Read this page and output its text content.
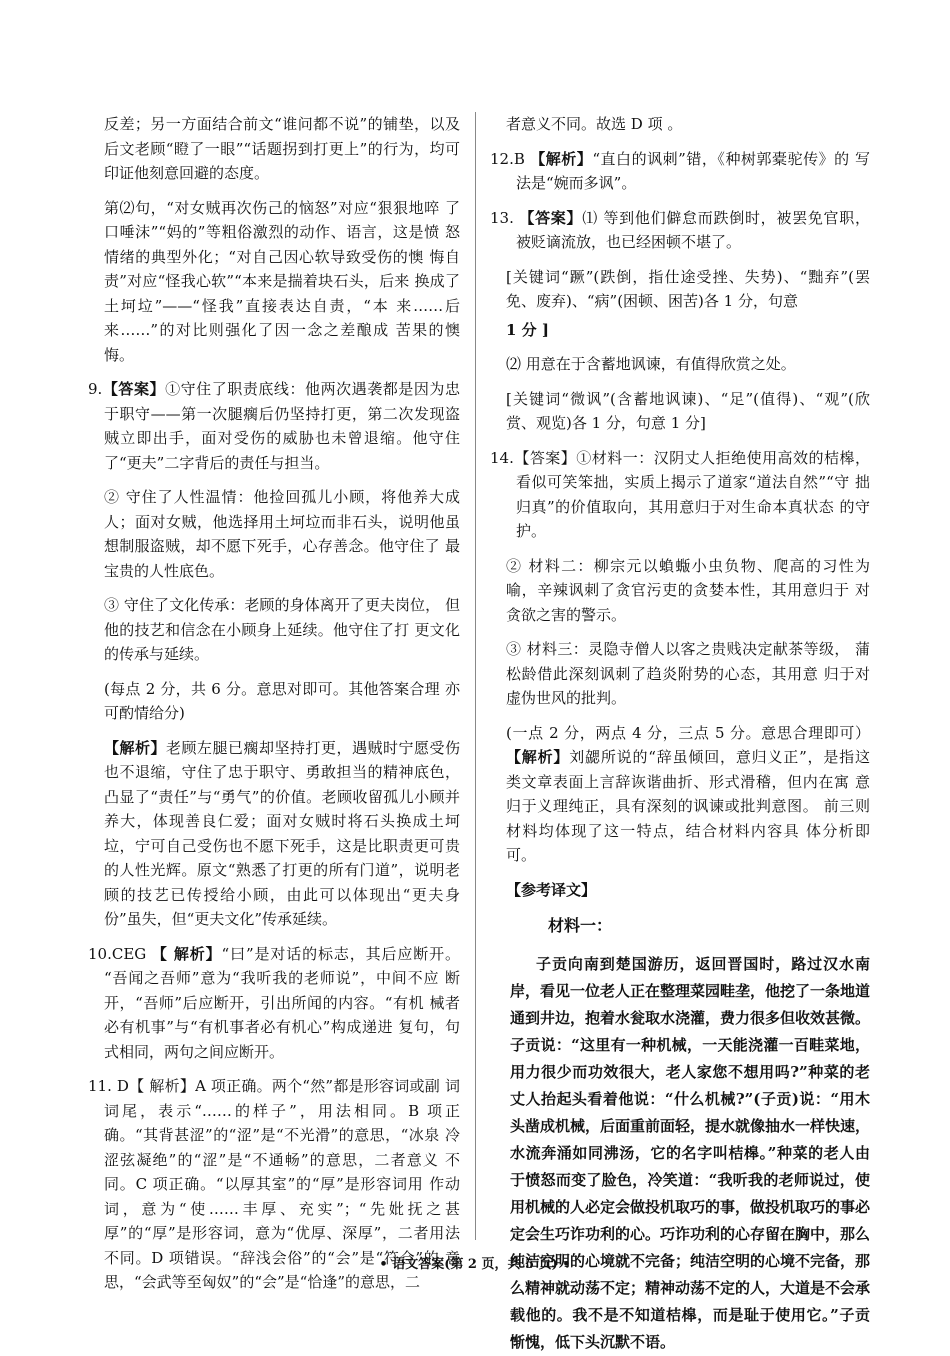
反差；另一方面结合前文“谁问都不说”的铺垫，以及后文老顾“瞪了一眼”“话题拐到打更上”的行为，均可印证他刻意回避的态度。

第⑵句，“对女贼再次伤己的恼怒”对应“狠狠地啐 了口唾沫”“妈的”等粗俗激烈的动作、语言，这是愤 怒情绪的典型外化；“对自己因心软导致受伤的懊 悔自责”对应“怪我心软”“本来是揣着块石头，后来 换成了土坷垃”——“怪我”直接表达自责，“本 来……后来……”的对比则强化了因一念之差酿成 苦果的懊悔。

9.【答案】①守住了职责底线：他两次遇袭都是因为忠于职守——第一次腿瘸后仍坚持打更，第二次发现盗贼立即出手，面对受伤的威胁也未曾退缩。他守住了“更夫”二字背后的责任与担当。

② 守住了人性温情：他捡回孤儿小顾，将他养大成 人；面对女贼，他选择用土坷垃而非石头，说明他虽 想制服盗贼，却不愿下死手，心存善念。他守住了 最宝贵的人性底色。

③ 守住了文化传承：老顾的身体离开了更夫岗位， 但他的技艺和信念在小顾身上延续。他守住了打 更文化的传承与延续。

(每点 2 分，共 6 分。意思对即可。其他答案合理 亦可酌情给分)

【解析】老顾左腿已瘸却坚持打更，遇贼时宁愿受伤也不退缩，守住了忠于职守、勇敢担当的精神底色，凸显了“责任”与“勇气”的价值。老顾收留孤儿小顾并养大，体现善良仁爱；面对女贼时将石头换成土坷垃，宁可自己受伤也不愿下死手，这是比职责更可贵的人性光辉。原文“熟悉了打更的所有门道”，说明老顾的技艺已传授给小顾，由此可以体现出“更夫身份”虽失，但“更夫文化”传承延续。

10.CEG 【 解析】“曰”是对话的标志，其后应断开。 “吾闻之吾师”意为“我听我的老师说”，中间不应 断开，“吾师”后应断开，引出所闻的内容。“有机 械者必有机事”与“有机事者必有机心”构成递进 复句，句式相同，两句之间应断开。

11. D【 解析】A 项正确。两个“然”都是形容词或副 词词尾，表示“……的样子”，用法相同。B 项正 确。“其背甚涩”的“涩”是“不光滑”的意思，“冰泉 冷涩弦凝绝”的“涩”是“不通畅”的意思，二者意义 不同。C 项正确。“以厚其室”的“厚”是形容词用 作动词，意为“使……丰厚、充实”；“先妣抚之甚 厚”的“厚”是形容词，意为“优厚、深厚”，二者用法 不同。D 项错误。“辞浅会俗”的“会”是“符合”的 意思，“会武等至匈奴”的“会”是“恰逢”的意思，二

者意义不同。故选 D 项 。

12.B 【解析】“直白的讽刺”错，《种树郭橐驼传》的 写法是“婉而多讽”。

13. 【答案】⑴ 等到他们僻怠而跌倒时，被罢免官职， 被贬谪流放，也已经困顿不堪了。

[关键词“蹶”(跌倒，指仕途受挫、失势)、“黜弃”(罢免、废弃)、“病”(困顿、困苦)各 1 分，句意

1 分 ]

⑵ 用意在于含蓄地讽谏，有值得欣赏之处。

[关键词“微讽”(含蓄地讽谏)、“足”(值得)、“观”(欣赏、观览)各 1 分，句意 1 分]

14.【答案】①材料一：汉阴丈人拒绝使用高效的桔槔， 看似可笑笨拙，实质上揭示了道家“道法自然”“守 拙归真”的价值取向，其用意归于对生命本真状态 的守护。

② 材料二：柳宗元以蝜蝂小虫负物、爬高的习性为 喻，辛辣讽刺了贪官污吏的贪婪本性，其用意归于 对贪欲之害的警示。

③ 材料三：灵隐寺僧人以客之贵贱决定献茶等级， 蒲松龄借此深刻讽刺了趋炎附势的心态，其用意 归于对虚伪世风的批判。

(一点 2 分，两点 4 分，三点 5 分。意思合理即可） 【解析】刘勰所说的“辞虽倾回，意归义正”，是指这 类文章表面上言辞诙谐曲折、形式滑稽，但内在寓 意归于义理纯正，具有深刻的讽谏或批判意图。 前三则材料均体现了这一特点，结合材料内容具 体分析即可。

【参考译文】
材料一：

子贡向南到楚国游历，返回晋国时，路过汉水南岸，看见一位老人正在整理菜园畦垄，他挖了一条地道通到井边，抱着水瓮取水浇灌，费力很多但收效甚微。子贡说：“这里有一种机械，一天能浇灌一百畦菜地，用力很少而功效很大，老人家您不想用吗?”种菜的老丈人抬起头看着他说：“什么机械?”(子贡)说：“用木头凿成机械，后面重前面轻，提水就像抽水一样快速，水流奔涌如同沸汤，它的名字叫桔槔。”种菜的老人由于愤怒而变了脸色，冷笑道：“我听我的老师说过，使用机械的人必定会做投机取巧的事，做投机取巧的事必定会生巧诈功利的心。巧诈功利的心存留在胸中，那么纯洁空明的心境就不完备；纯洁空明的心境不完备，那么精神就动荡不定；精神动荡不定的人，大道是不会承载他的。我不是不知道桔槔，而是耻于使用它。”子贡惭愧，低下头沉默不语。

• 语文答案(第 2 页，共 5 页) •
